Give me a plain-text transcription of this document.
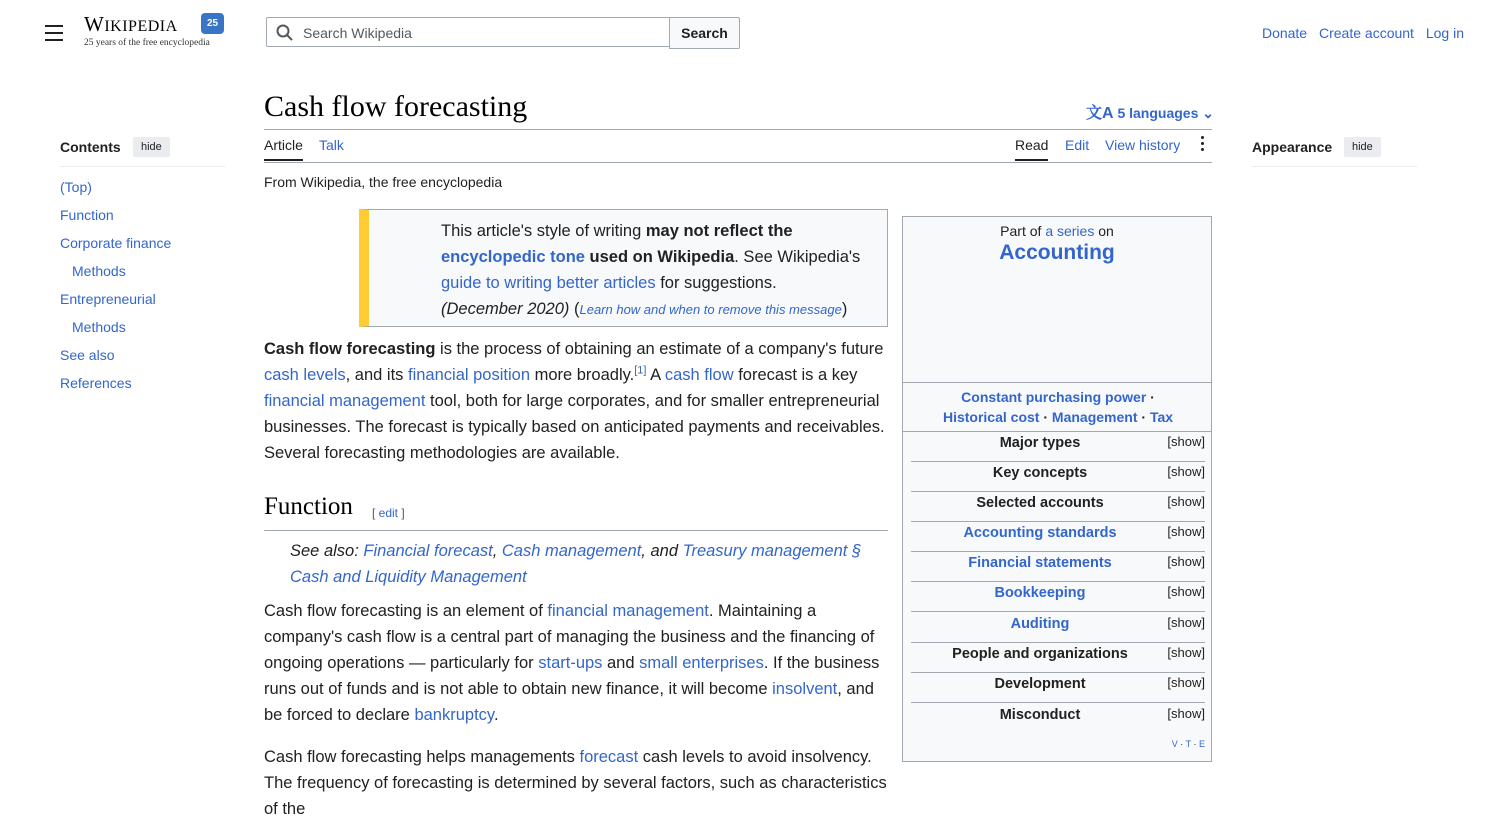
WIKIPEDIA
25 years of the free encyclopedia
25
Search Wikipedia
Search	Donate Create account Log in
Contents	hide
(Top)
Function
Corporate finance
Methods
Entrepreneurial
Methods
See also
References
Cash flow forecasting	文A 5 languages ⌄
Article Talk	Read Edit View history
From Wikipedia, the free encyclopedia
Appearance	hide
This article's style of writing may not reflect the encyclopedic tone used on Wikipedia. See Wikipedia's guide to writing better articles for suggestions. (December 2020) (Learn how and when to remove this message)
Cash flow forecasting is the process of obtaining an estimate of a company's future cash levels, and its financial position more broadly.[1] A cash flow forecast is a key financial management tool, both for large corporates, and for smaller entrepreneurial businesses. The forecast is typically based on anticipated payments and receivables. Several forecasting methodologies are available.
Function [ edit ]
See also: Financial forecast, Cash management, and Treasury management § Cash and Liquidity Management
Cash flow forecasting is an element of financial management. Maintaining a company's cash flow is a central part of managing the business and the financing of ongoing operations — particularly for start-ups and small enterprises. If the business runs out of funds and is not able to obtain new finance, it will become insolvent, and be forced to declare bankruptcy.
Cash flow forecasting helps managements forecast cash levels to avoid insolvency. The frequency of forecasting is determined by several factors, such as characteristics of the
Part of a series on
Accounting
Constant purchasing power ·
Historical cost · Management · Tax
Major types	[show]
Key concepts	[show]
Selected accounts	[show]
Accounting standards	[show]
Financial statements	[show]
Bookkeeping	[show]
Auditing	[show]
People and organizations	[show]
Development	[show]
Misconduct	[show]
V · T · E
